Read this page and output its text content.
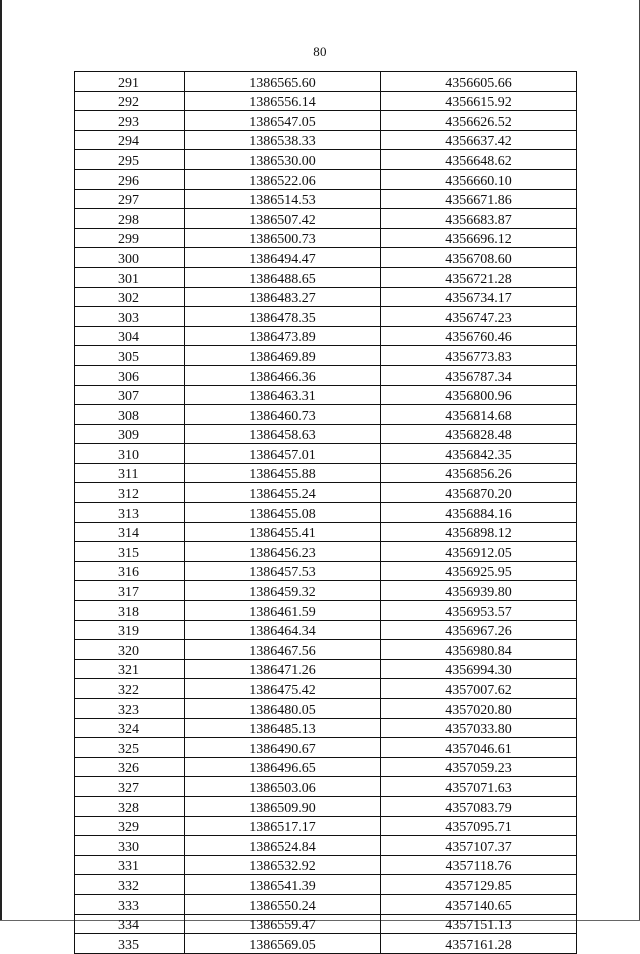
80
291	1386565.60	4356605.66
292	1386556.14	4356615.92
293	1386547.05	4356626.52
294	1386538.33	4356637.42
295	1386530.00	4356648.62
296	1386522.06	4356660.10
297	1386514.53	4356671.86
298	1386507.42	4356683.87
299	1386500.73	4356696.12
300	1386494.47	4356708.60
301	1386488.65	4356721.28
302	1386483.27	4356734.17
303	1386478.35	4356747.23
304	1386473.89	4356760.46
305	1386469.89	4356773.83
306	1386466.36	4356787.34
307	1386463.31	4356800.96
308	1386460.73	4356814.68
309	1386458.63	4356828.48
310	1386457.01	4356842.35
311	1386455.88	4356856.26
312	1386455.24	4356870.20
313	1386455.08	4356884.16
314	1386455.41	4356898.12
315	1386456.23	4356912.05
316	1386457.53	4356925.95
317	1386459.32	4356939.80
318	1386461.59	4356953.57
319	1386464.34	4356967.26
320	1386467.56	4356980.84
321	1386471.26	4356994.30
322	1386475.42	4357007.62
323	1386480.05	4357020.80
324	1386485.13	4357033.80
325	1386490.67	4357046.61
326	1386496.65	4357059.23
327	1386503.06	4357071.63
328	1386509.90	4357083.79
329	1386517.17	4357095.71
330	1386524.84	4357107.37
331	1386532.92	4357118.76
332	1386541.39	4357129.85
333	1386550.24	4357140.65
334	1386559.47	4357151.13
335	1386569.05	4357161.28
